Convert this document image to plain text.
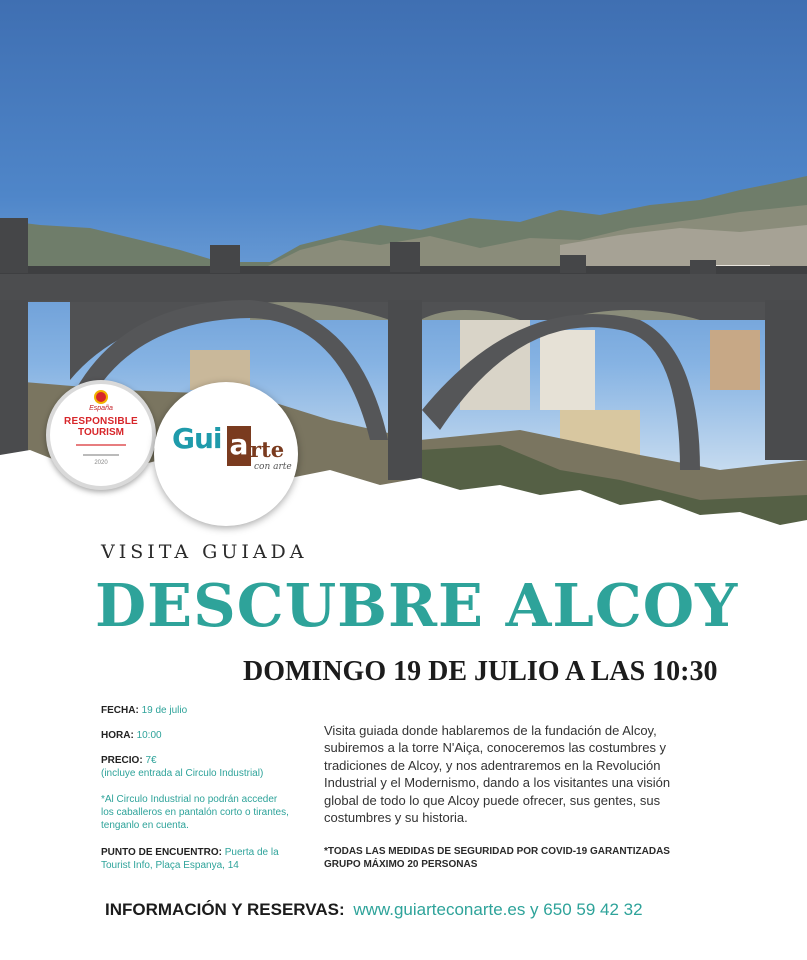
España
RESPONSIBLE
TOURISM
2020
Gui a rte
con arte
VISITA GUIADA
DESCUBRE ALCOY
DOMINGO 19 DE JULIO A LAS 10:30
FECHA: 19 de julio
HORA: 10:00
PRECIO: 7€
(incluye entrada al Circulo Industrial)
*Al Circulo Industrial no podrán acceder los caballeros en pantalón corto o tirantes, tenganlo en cuenta.
PUNTO DE ENCUENTRO: Puerta de la Tourist Info, Plaça Espanya, 14
Visita guiada donde hablaremos de la fundación de Alcoy, subiremos a la torre N'Aiça, conoceremos las costumbres y tradiciones de Alcoy, y nos adentraremos en la Revolución Industrial y el Modernismo, dando a los visitantes una visión global de todo lo que Alcoy puede ofrecer, sus gentes, sus costumbres y su historia.
*TODAS LAS MEDIDAS DE SEGURIDAD POR COVID-19 GARANTIZADAS
GRUPO MÁXIMO 20 PERSONAS
INFORMACIÓN Y RESERVAS: www.guiarteconarte.es y 650 59 42 32
